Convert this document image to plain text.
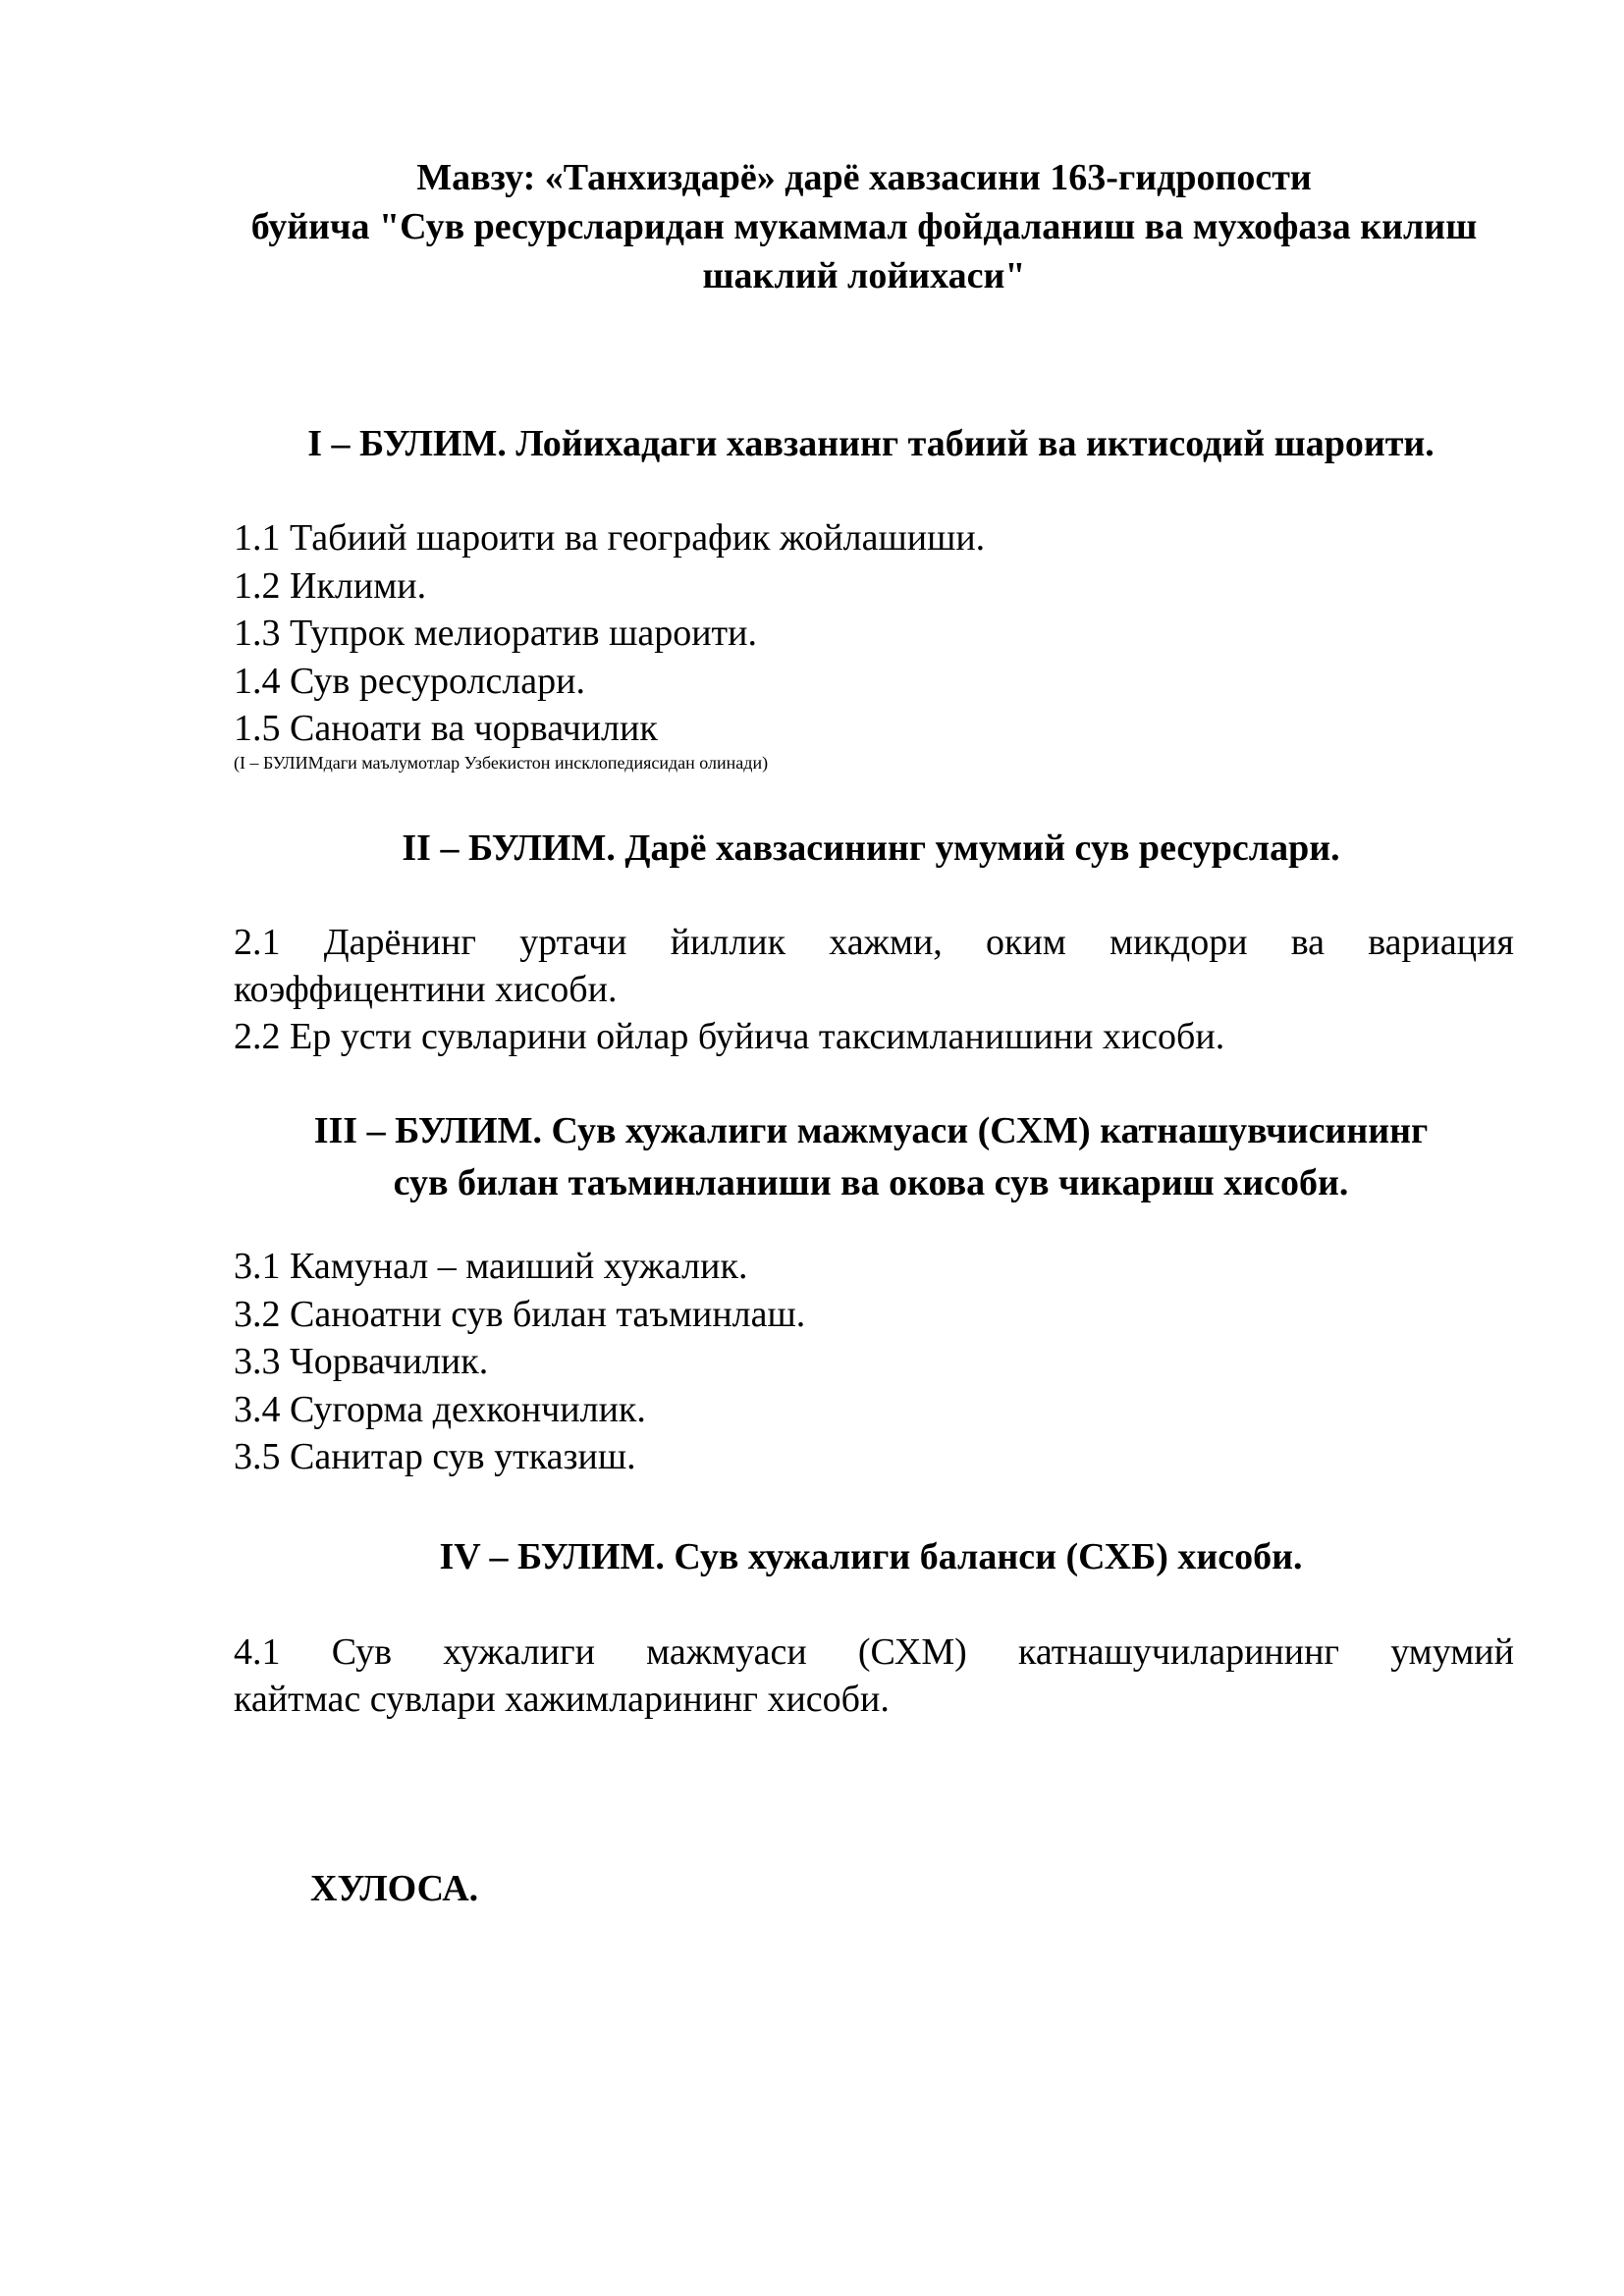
Мавзу: «Танхиздарё» дарё хавзасини 163-гидропости
буйича "Сув ресурсларидан мукаммал фойдаланиш ва мухофаза килиш
шаклий лойихаси"
I – БУЛИМ. Лойихадаги хавзанинг табиий ва иктисодий шароити.
1.1 Табиий шароити ва географик жойлашиши.
1.2 Иклими.
1.3 Тупрок мелиоратив шароити.
1.4 Сув ресуролслари.
1.5 Саноати ва чорвачилик
(I – БУЛИМдаги маълумотлар Узбекистон инсклопедиясидан олинади)
II – БУЛИМ. Дарё хавзасининг умумий сув ресурслари.
2.1 Дарёнинг уртачи йиллик хажми, оким микдори ва вариация
коэффицентини хисоби.
2.2 Ер усти сувларини ойлар буйича таксимланишини хисоби.
III – БУЛИМ. Сув хужалиги мажмуаси (СХМ) катнашувчисининг
сув билан таъминланиши ва окова сув чикариш хисоби.
3.1 Камунал – маиший хужалик.
3.2 Саноатни сув билан таъминлаш.
3.3 Чорвачилик.
3.4 Сугорма дехкончилик.
3.5 Санитар сув утказиш.
IV – БУЛИМ. Сув хужалиги баланси (СХБ) хисоби.
4.1 Сув хужалиги мажмуаси (СХМ) катнашучиларининг умумий
кайтмас сувлари хажимларининг хисоби.
ХУЛОСА.
